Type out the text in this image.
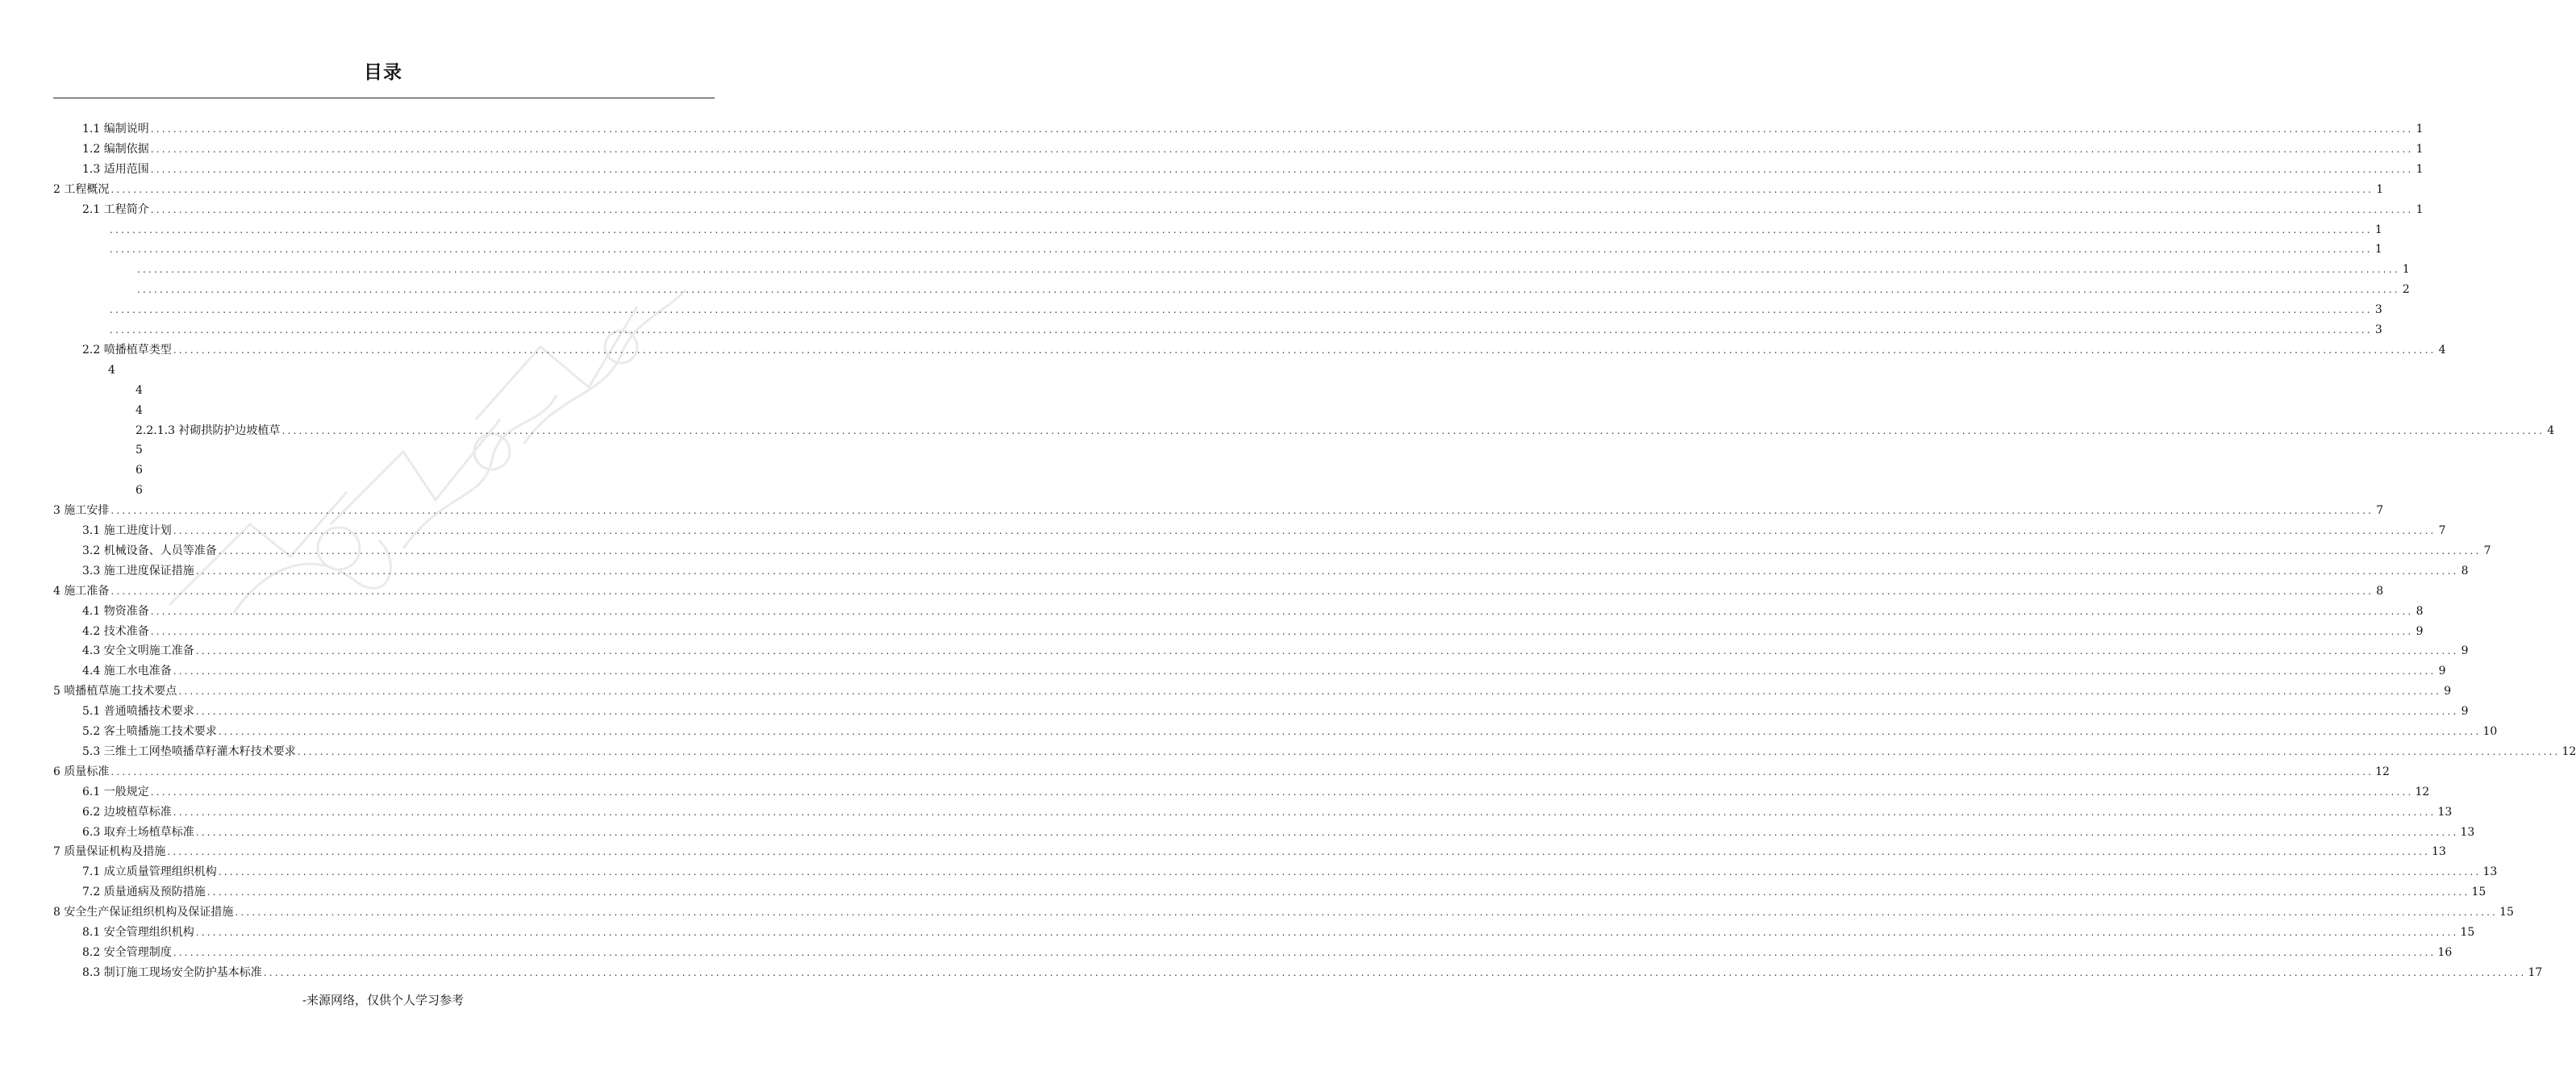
目录
1.1 编制说明 ................................................................................................................................................................................................................................................................................................................................................................................................................ 1
1.2 编制依据 ................................................................................................................................................................................................................................................................................................................................................................................................................ 1
1.3 适用范围 ................................................................................................................................................................................................................................................................................................................................................................................................................ 1
2 工程概况 ................................................................................................................................................................................................................................................................................................................................................................................................................ 1
2.1 工程简介 ................................................................................................................................................................................................................................................................................................................................................................................................................ 1
................................................................................................................................................................................................................................................................................................................................................................................................................ 1
................................................................................................................................................................................................................................................................................................................................................................................................................ 1
................................................................................................................................................................................................................................................................................................................................................................................................................ 1
................................................................................................................................................................................................................................................................................................................................................................................................................ 2
................................................................................................................................................................................................................................................................................................................................................................................................................ 3
................................................................................................................................................................................................................................................................................................................................................................................................................ 3
2.2 喷播植草类型 ................................................................................................................................................................................................................................................................................................................................................................................................................ 4
4
4
4
2.2.1.3 衬砌拱防护边坡植草 ................................................................................................................................................................................................................................................................................................................................................................................................................ 4
5
6
6
3 施工安排 ................................................................................................................................................................................................................................................................................................................................................................................................................ 7
3.1 施工进度计划 ................................................................................................................................................................................................................................................................................................................................................................................................................ 7
3.2 机械设备、人员等准备 ................................................................................................................................................................................................................................................................................................................................................................................................................ 7
3.3 施工进度保证措施 ................................................................................................................................................................................................................................................................................................................................................................................................................ 8
4 施工准备 ................................................................................................................................................................................................................................................................................................................................................................................................................ 8
4.1 物资准备 ................................................................................................................................................................................................................................................................................................................................................................................................................ 8
4.2 技术准备 ................................................................................................................................................................................................................................................................................................................................................................................................................ 9
4.3 安全文明施工准备 ................................................................................................................................................................................................................................................................................................................................................................................................................ 9
4.4 施工水电准备 ................................................................................................................................................................................................................................................................................................................................................................................................................ 9
5 喷播植草施工技术要点 ................................................................................................................................................................................................................................................................................................................................................................................................................ 9
5.1 普通喷播技术要求 ................................................................................................................................................................................................................................................................................................................................................................................................................ 9
5.2 客土喷播施工技术要求 ................................................................................................................................................................................................................................................................................................................................................................................................................ 10
5.3 三维土工网垫喷播草籽灌木籽技术要求 ................................................................................................................................................................................................................................................................................................................................................................................................................ 12
6 质量标准 ................................................................................................................................................................................................................................................................................................................................................................................................................ 12
6.1 一般规定 ................................................................................................................................................................................................................................................................................................................................................................................................................ 12
6.2 边坡植草标准 ................................................................................................................................................................................................................................................................................................................................................................................................................ 13
6.3 取弃土场植草标准 ................................................................................................................................................................................................................................................................................................................................................................................................................ 13
7 质量保证机构及措施 ................................................................................................................................................................................................................................................................................................................................................................................................................ 13
7.1 成立质量管理组织机构 ................................................................................................................................................................................................................................................................................................................................................................................................................ 13
7.2 质量通病及预防措施 ................................................................................................................................................................................................................................................................................................................................................................................................................ 15
8 安全生产保证组织机构及保证措施 ................................................................................................................................................................................................................................................................................................................................................................................................................ 15
8.1 安全管理组织机构 ................................................................................................................................................................................................................................................................................................................................................................................................................ 15
8.2 安全管理制度 ................................................................................................................................................................................................................................................................................................................................................................................................................ 16
8.3 制订施工现场安全防护基本标准 ................................................................................................................................................................................................................................................................................................................................................................................................................ 17
-来源网络，仅供个人学习参考
